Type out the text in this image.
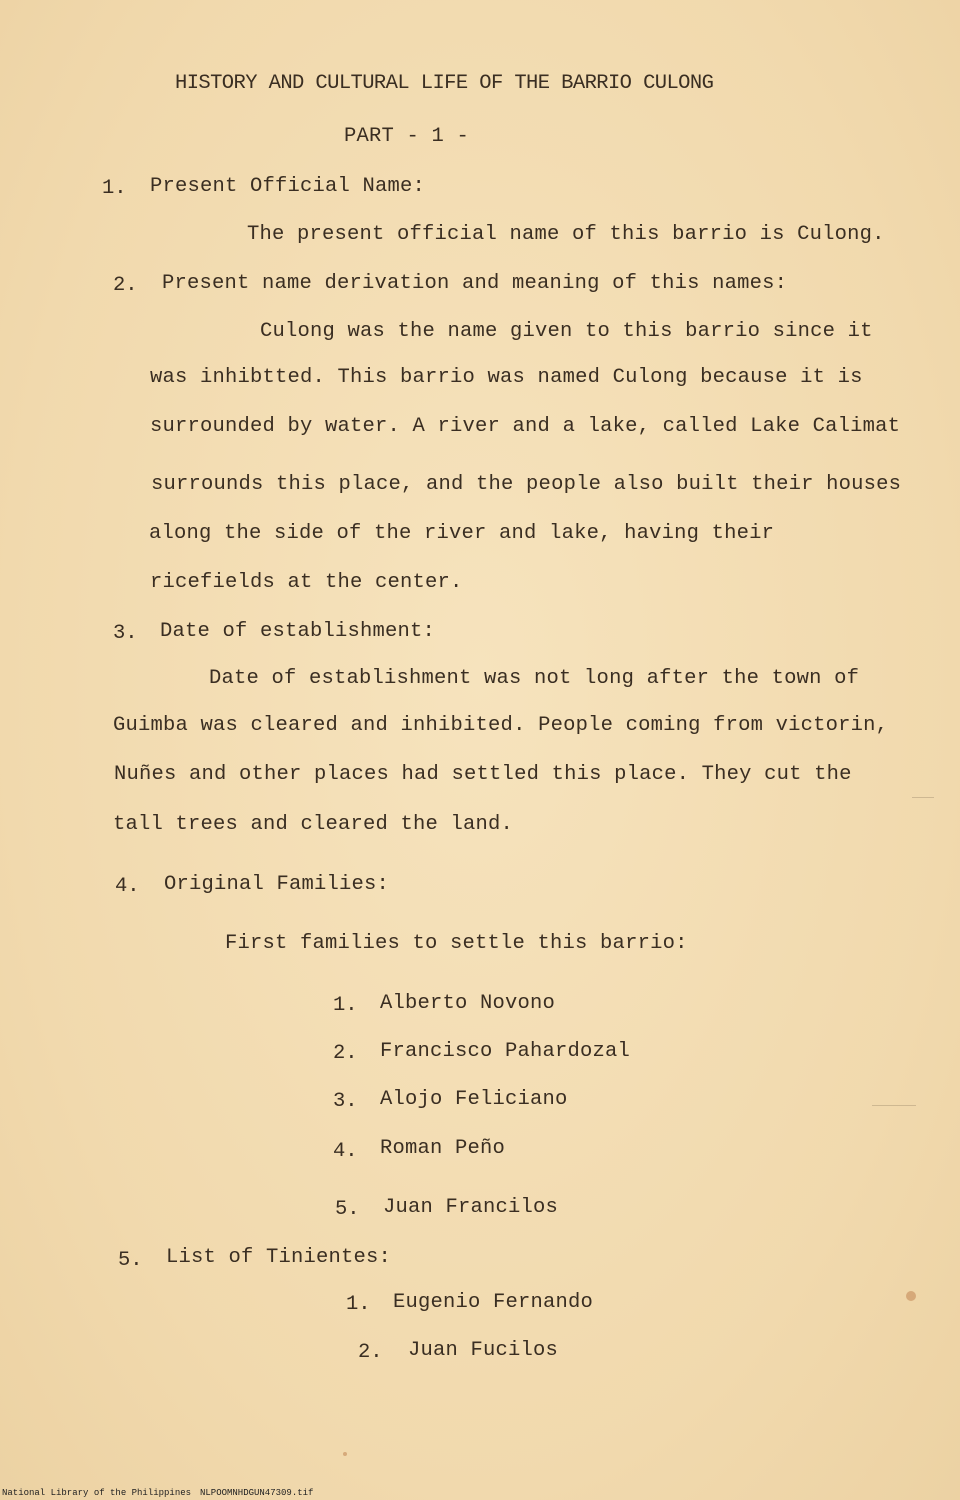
HISTORY AND CULTURAL LIFE OF THE BARRIO CULONG
PART - 1 -
1. Present Official Name:
The present official name of this barrio is Culong.
2. Present name derivation and meaning of this names:
Culong was the name given to this barrio since it
was inhibtted. This barrio was named Culong because it is
surrounded by water. A river and a lake, called Lake Calimat
surrounds this place, and the people also built their houses
along the side of the river and lake, having their
ricefields at the center.
3. Date of establishment:
Date of establishment was not long after the town of
Guimba was cleared and inhibited. People coming from victorin,
Nuñes and other places had settled this place. They cut the
tall trees and cleared the land.
4. Original Families:
First families to settle this barrio:
1. Alberto Novono
2. Francisco Pahardozal
3. Alojo Feliciano
4. Roman Peño
5. Juan Francilos
5. List of Tinientes:
1. Eugenio Fernando
2. Juan Fucilos
National Library of the Philippines NLPOOMNHDGUN47309.tif
